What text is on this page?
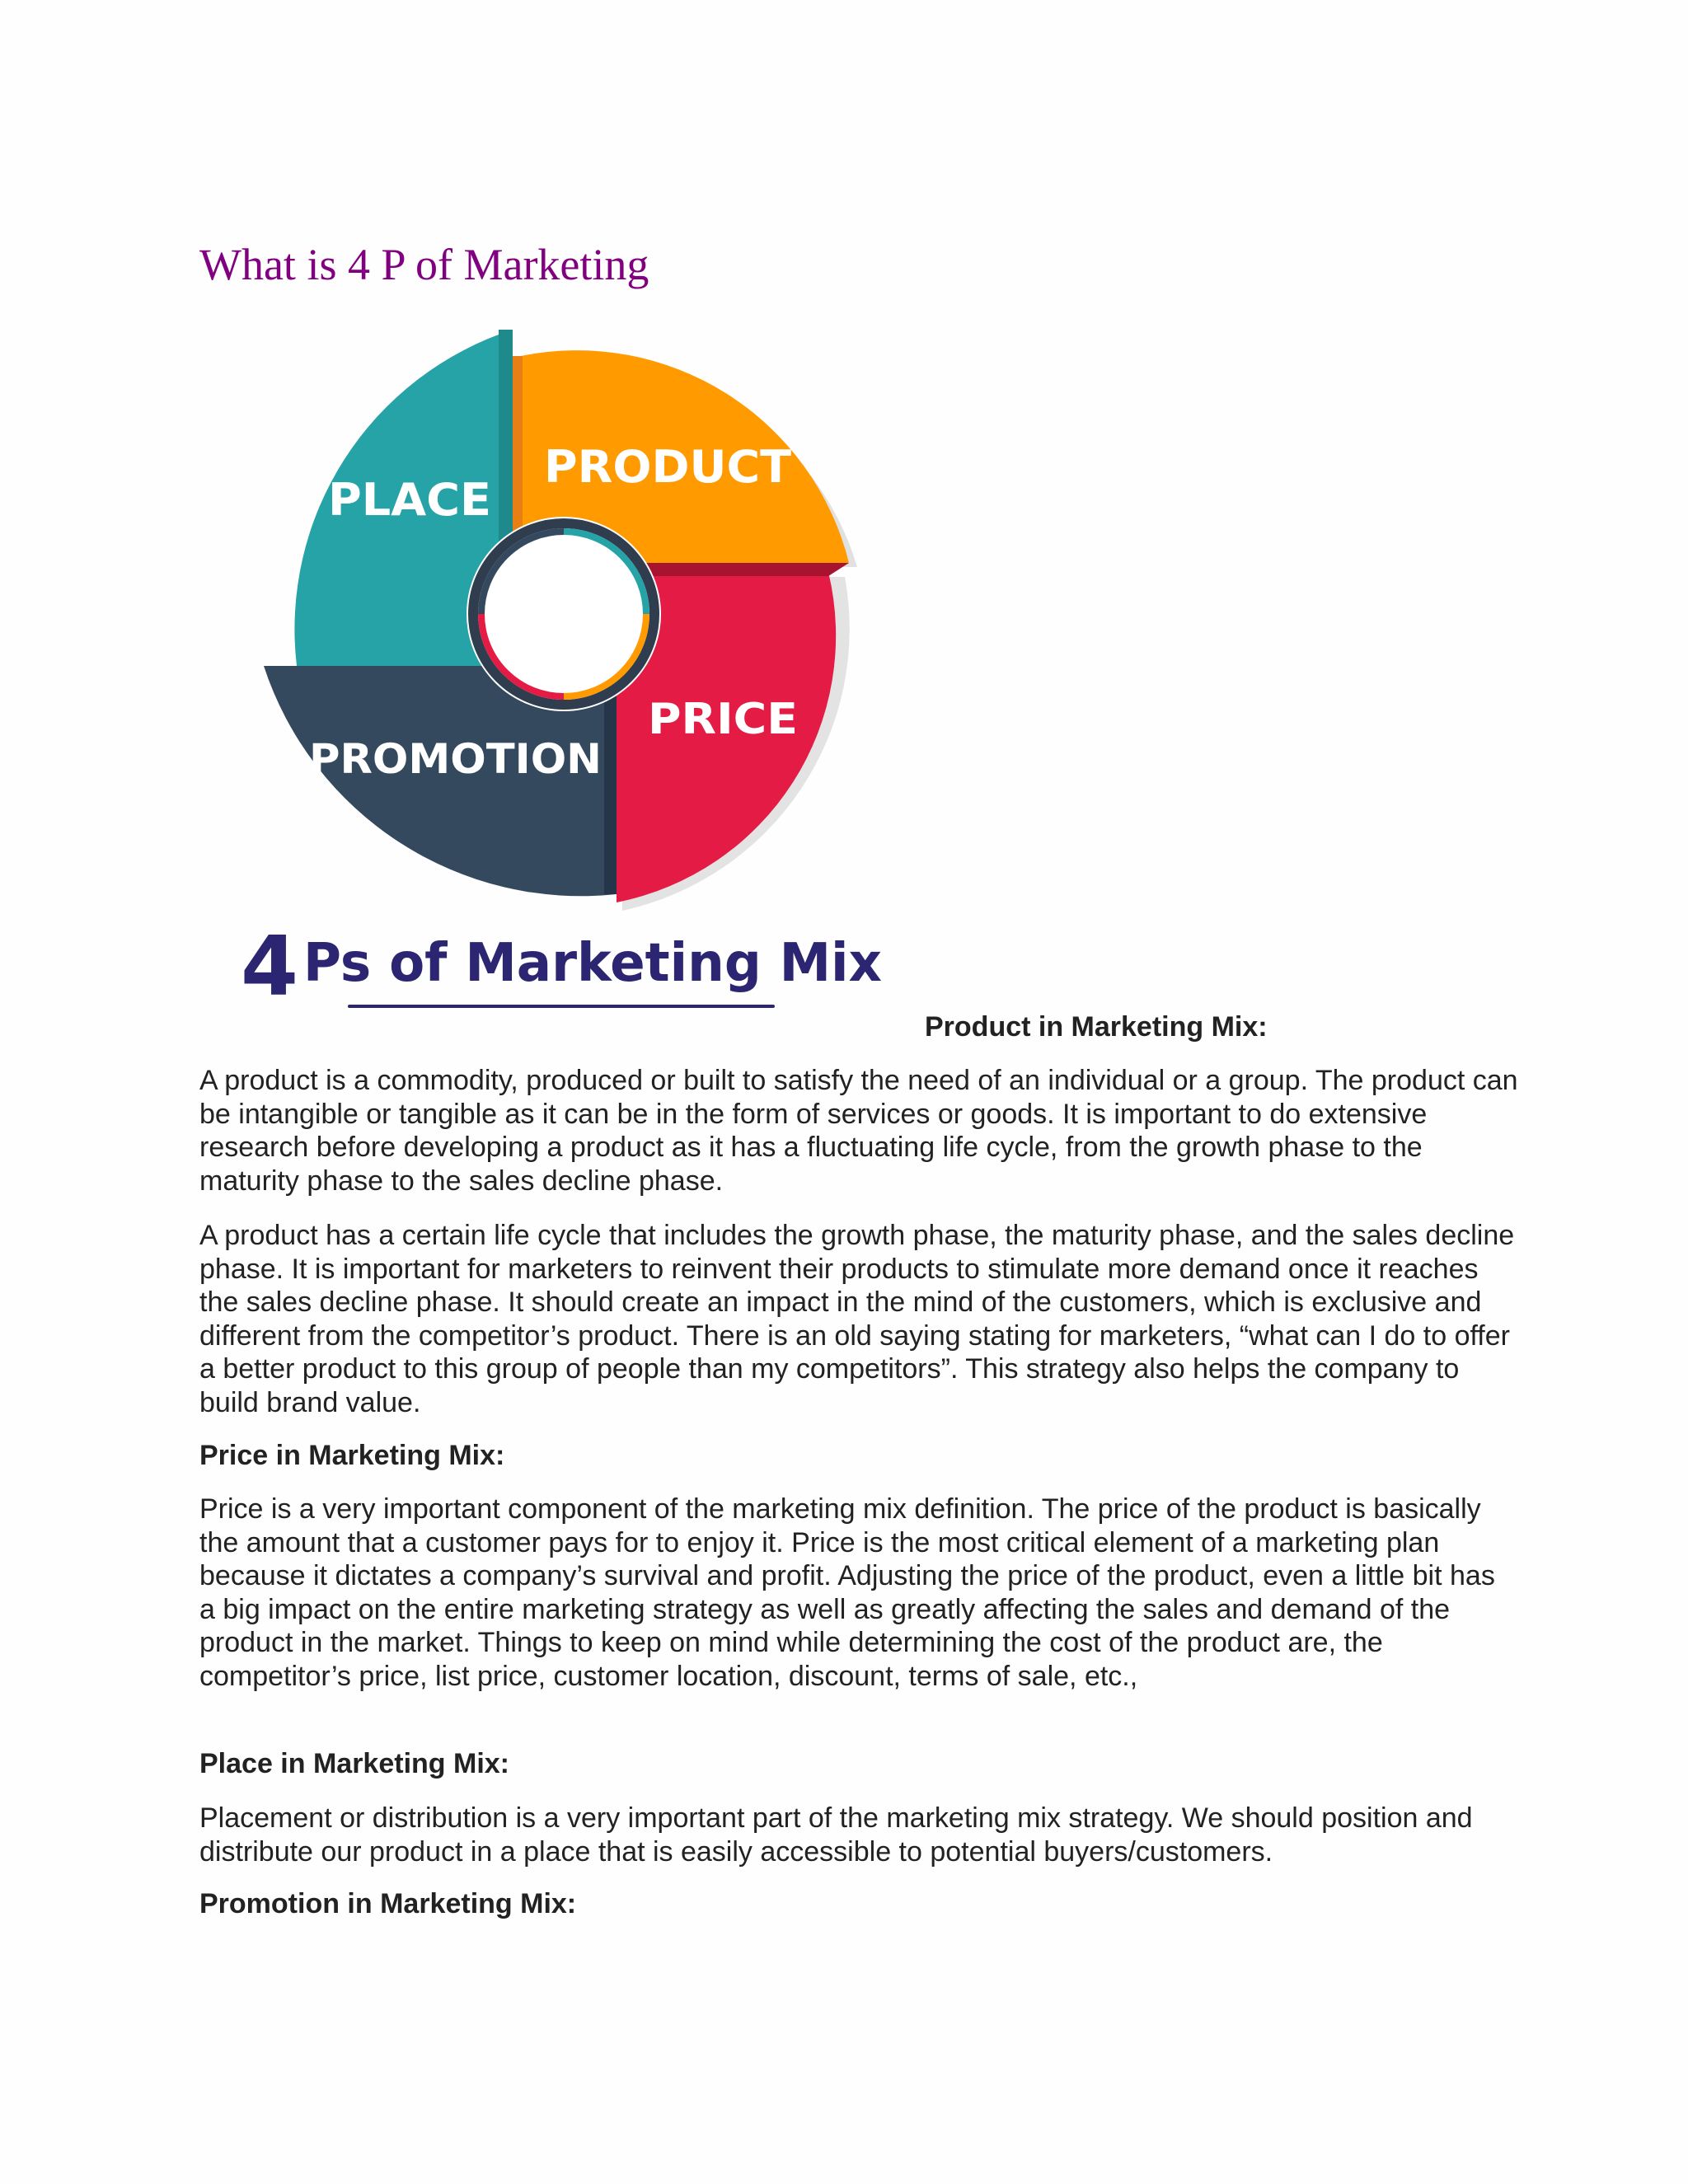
What is 4 P of Marketing
PLACE
PRODUCT
PRICE
PROMOTION
4 Ps of Marketing Mix
Product in Marketing Mix:

A product is a commodity, produced or built to satisfy the need of an individual or a group. The product can be intangible or tangible as it can be in the form of services or goods. It is important to do extensive research before developing a product as it has a fluctuating life cycle, from the growth phase to the maturity phase to the sales decline phase.

A product has a certain life cycle that includes the growth phase, the maturity phase, and the sales decline phase. It is important for marketers to reinvent their products to stimulate more demand once it reaches the sales decline phase. It should create an impact in the mind of the customers, which is exclusive and different from the competitor’s product. There is an old saying stating for marketers, “what can I do to offer a better product to this group of people than my competitors”. This strategy also helps the company to build brand value.

Price in Marketing Mix:

Price is a very important component of the marketing mix definition. The price of the product is basically the amount that a customer pays for to enjoy it. Price is the most critical element of a marketing plan because it dictates a company’s survival and profit. Adjusting the price of the product, even a little bit has a big impact on the entire marketing strategy as well as greatly affecting the sales and demand of the product in the market. Things to keep on mind while determining the cost of the product are, the competitor’s price, list price, customer location, discount, terms of sale, etc.,

Place in Marketing Mix:

Placement or distribution is a very important part of the marketing mix strategy. We should position and distribute our product in a place that is easily accessible to potential buyers/customers.

Promotion in Marketing Mix:
